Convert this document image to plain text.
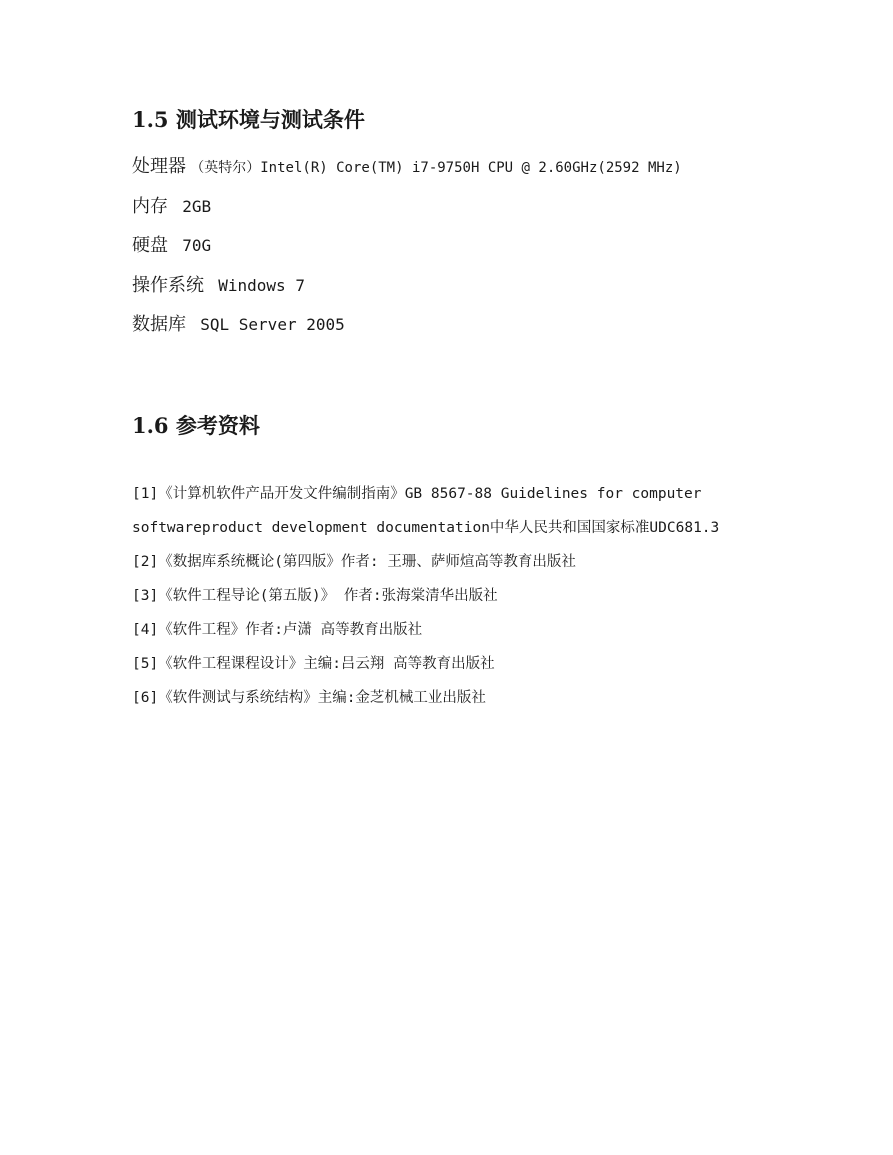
1.5 测试环境与测试条件
处理器 （英特尔）Intel(R) Core(TM) i7-9750H CPU @ 2.60GHz(2592 MHz)
内存 2GB
硬盘 70G
操作系统 Windows 7
数据库 SQL Server 2005
1.6 参考资料
[1]《计算机软件产品开发文件编制指南》GB 8567-88 Guidelines for computer
softwareproduct development documentation中华人民共和国国家标准UDC681.3
[2]《数据库系统概论(第四版》作者: 王珊、萨师煊高等教育出版社
[3]《软件工程导论(第五版)》 作者:张海棠清华出版社
[4]《软件工程》作者:卢潇 高等教育出版社
[5]《软件工程课程设计》主编:吕云翔 高等教育出版社
[6]《软件测试与系统结构》主编:金芝机械工业出版社
